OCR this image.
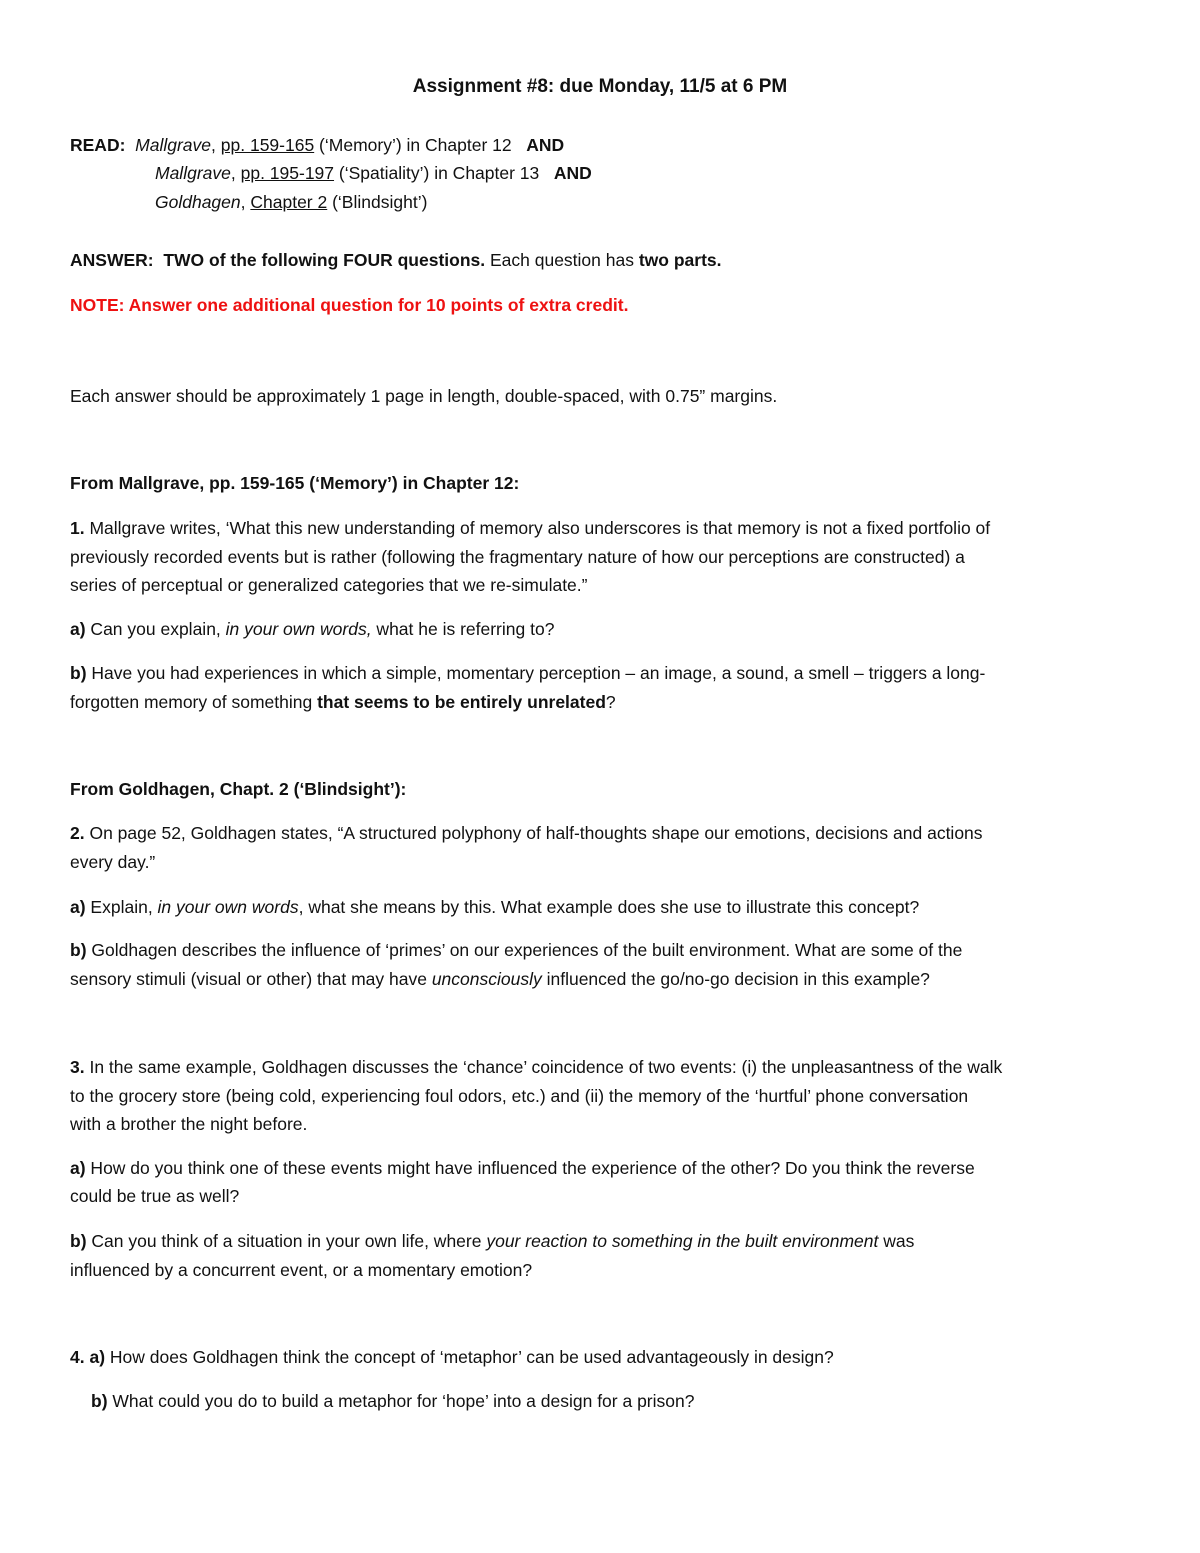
Assignment #8: due Monday, 11/5 at 6 PM
READ: Mallgrave, pp. 159-165 (‘Memory’) in Chapter 12 AND
Mallgrave, pp. 195-197 (‘Spatiality’) in Chapter 13 AND
Goldhagen, Chapter 2 (‘Blindsight’)
ANSWER: TWO of the following FOUR questions. Each question has two parts.
NOTE: Answer one additional question for 10 points of extra credit.
Each answer should be approximately 1 page in length, double-spaced, with 0.75” margins.
From Mallgrave, pp. 159-165 (‘Memory’) in Chapter 12:
1. Mallgrave writes, ‘What this new understanding of memory also underscores is that memory is not a fixed portfolio of
previously recorded events but is rather (following the fragmentary nature of how our perceptions are constructed) a
series of perceptual or generalized categories that we re-simulate.”
a) Can you explain, in your own words, what he is referring to?
b) Have you had experiences in which a simple, momentary perception – an image, a sound, a smell – triggers a long-
forgotten memory of something that seems to be entirely unrelated?
From Goldhagen, Chapt. 2 (‘Blindsight’):
2. On page 52, Goldhagen states, “A structured polyphony of half-thoughts shape our emotions, decisions and actions
every day.”
a) Explain, in your own words, what she means by this. What example does she use to illustrate this concept?
b) Goldhagen describes the influence of ‘primes’ on our experiences of the built environment. What are some of the
sensory stimuli (visual or other) that may have unconsciously influenced the go/no-go decision in this example?
3. In the same example, Goldhagen discusses the ‘chance’ coincidence of two events: (i) the unpleasantness of the walk
to the grocery store (being cold, experiencing foul odors, etc.) and (ii) the memory of the ‘hurtful’ phone conversation
with a brother the night before.
a) How do you think one of these events might have influenced the experience of the other? Do you think the reverse
could be true as well?
b) Can you think of a situation in your own life, where your reaction to something in the built environment was
influenced by a concurrent event, or a momentary emotion?
4. a) How does Goldhagen think the concept of ‘metaphor’ can be used advantageously in design?
b) What could you do to build a metaphor for ‘hope’ into a design for a prison?
